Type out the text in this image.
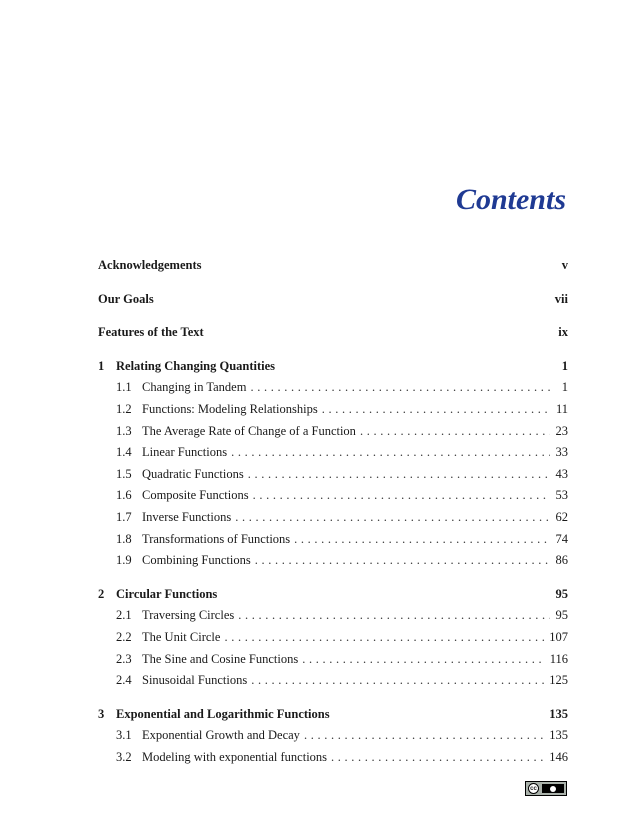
Contents
Acknowledgements	v
Our Goals	vii
Features of the Text	ix
1 Relating Changing Quantities	1
1.1 Changing in Tandem . . .	1
1.2 Functions: Modeling Relationships . . .	11
1.3 The Average Rate of Change of a Function . . .	23
1.4 Linear Functions . . .	33
1.5 Quadratic Functions . . .	43
1.6 Composite Functions . . .	53
1.7 Inverse Functions . . .	62
1.8 Transformations of Functions . . .	74
1.9 Combining Functions . . .	86
2 Circular Functions	95
2.1 Traversing Circles . . .	95
2.2 The Unit Circle . . .	107
2.3 The Sine and Cosine Functions . . .	116
2.4 Sinusoidal Functions . . .	125
3 Exponential and Logarithmic Functions	135
3.1 Exponential Growth and Decay . . .	135
3.2 Modeling with exponential functions . . .	146
cc
